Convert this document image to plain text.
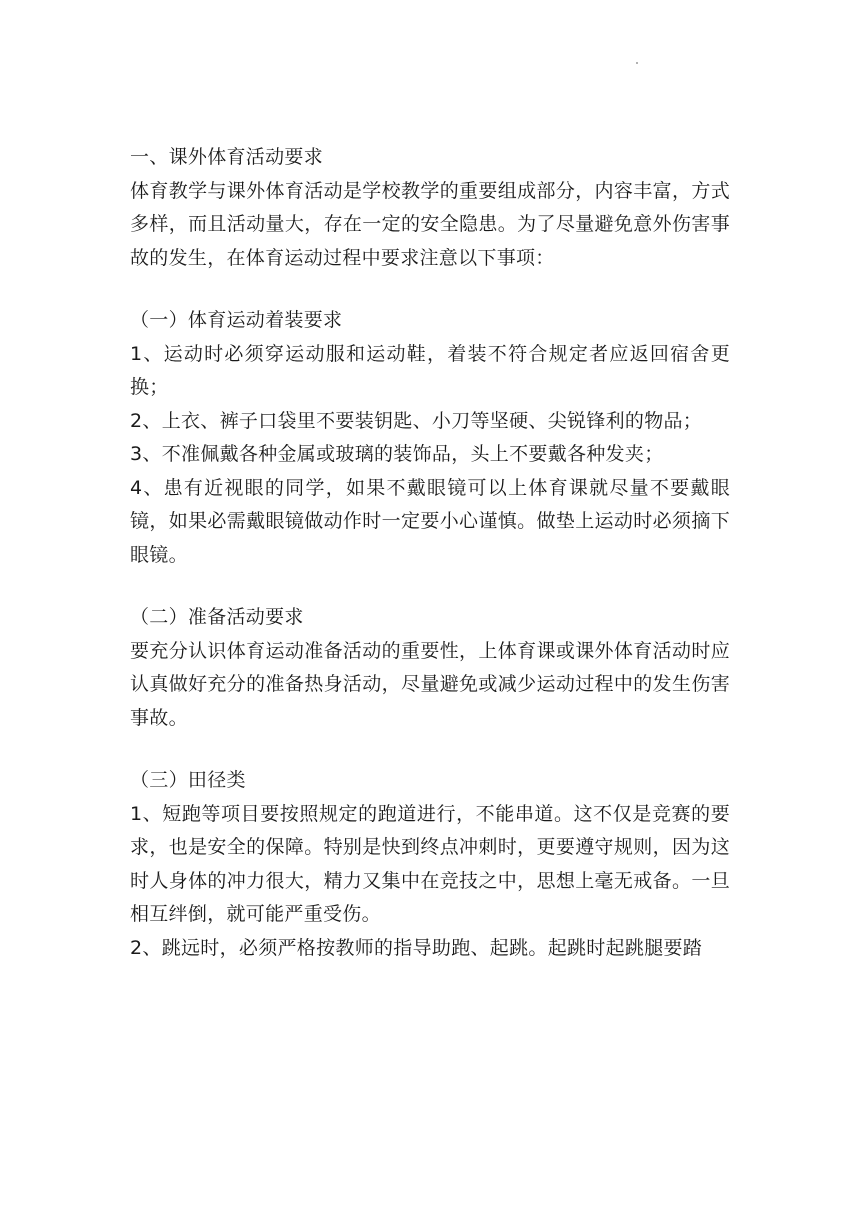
一、课外体育活动要求

体育教学与课外体育活动是学校教学的重要组成部分，内容丰富，方式多样，而且活动量大，存在一定的安全隐患。为了尽量避免意外伤害事故的发生，在体育运动过程中要求注意以下事项：

（一）体育运动着装要求

1、运动时必须穿运动服和运动鞋，着装不符合规定者应返回宿舍更换；

2、上衣、裤子口袋里不要装钥匙、小刀等坚硬、尖锐锋利的物品；

3、不准佩戴各种金属或玻璃的装饰品，头上不要戴各种发夹；

4、患有近视眼的同学，如果不戴眼镜可以上体育课就尽量不要戴眼镜，如果必需戴眼镜做动作时一定要小心谨慎。做垫上运动时必须摘下眼镜。

（二）准备活动要求

要充分认识体育运动准备活动的重要性，上体育课或课外体育活动时应认真做好充分的准备热身活动，尽量避免或减少运动过程中的发生伤害事故。

（三）田径类

1、短跑等项目要按照规定的跑道进行，不能串道。这不仅是竞赛的要求，也是安全的保障。特别是快到终点冲刺时，更要遵守规则，因为这时人身体的冲力很大，精力又集中在竞技之中，思想上毫无戒备。一旦相互绊倒，就可能严重受伤。

2、跳远时，必须严格按教师的指导助跑、起跳。起跳时起跳腿要踏
